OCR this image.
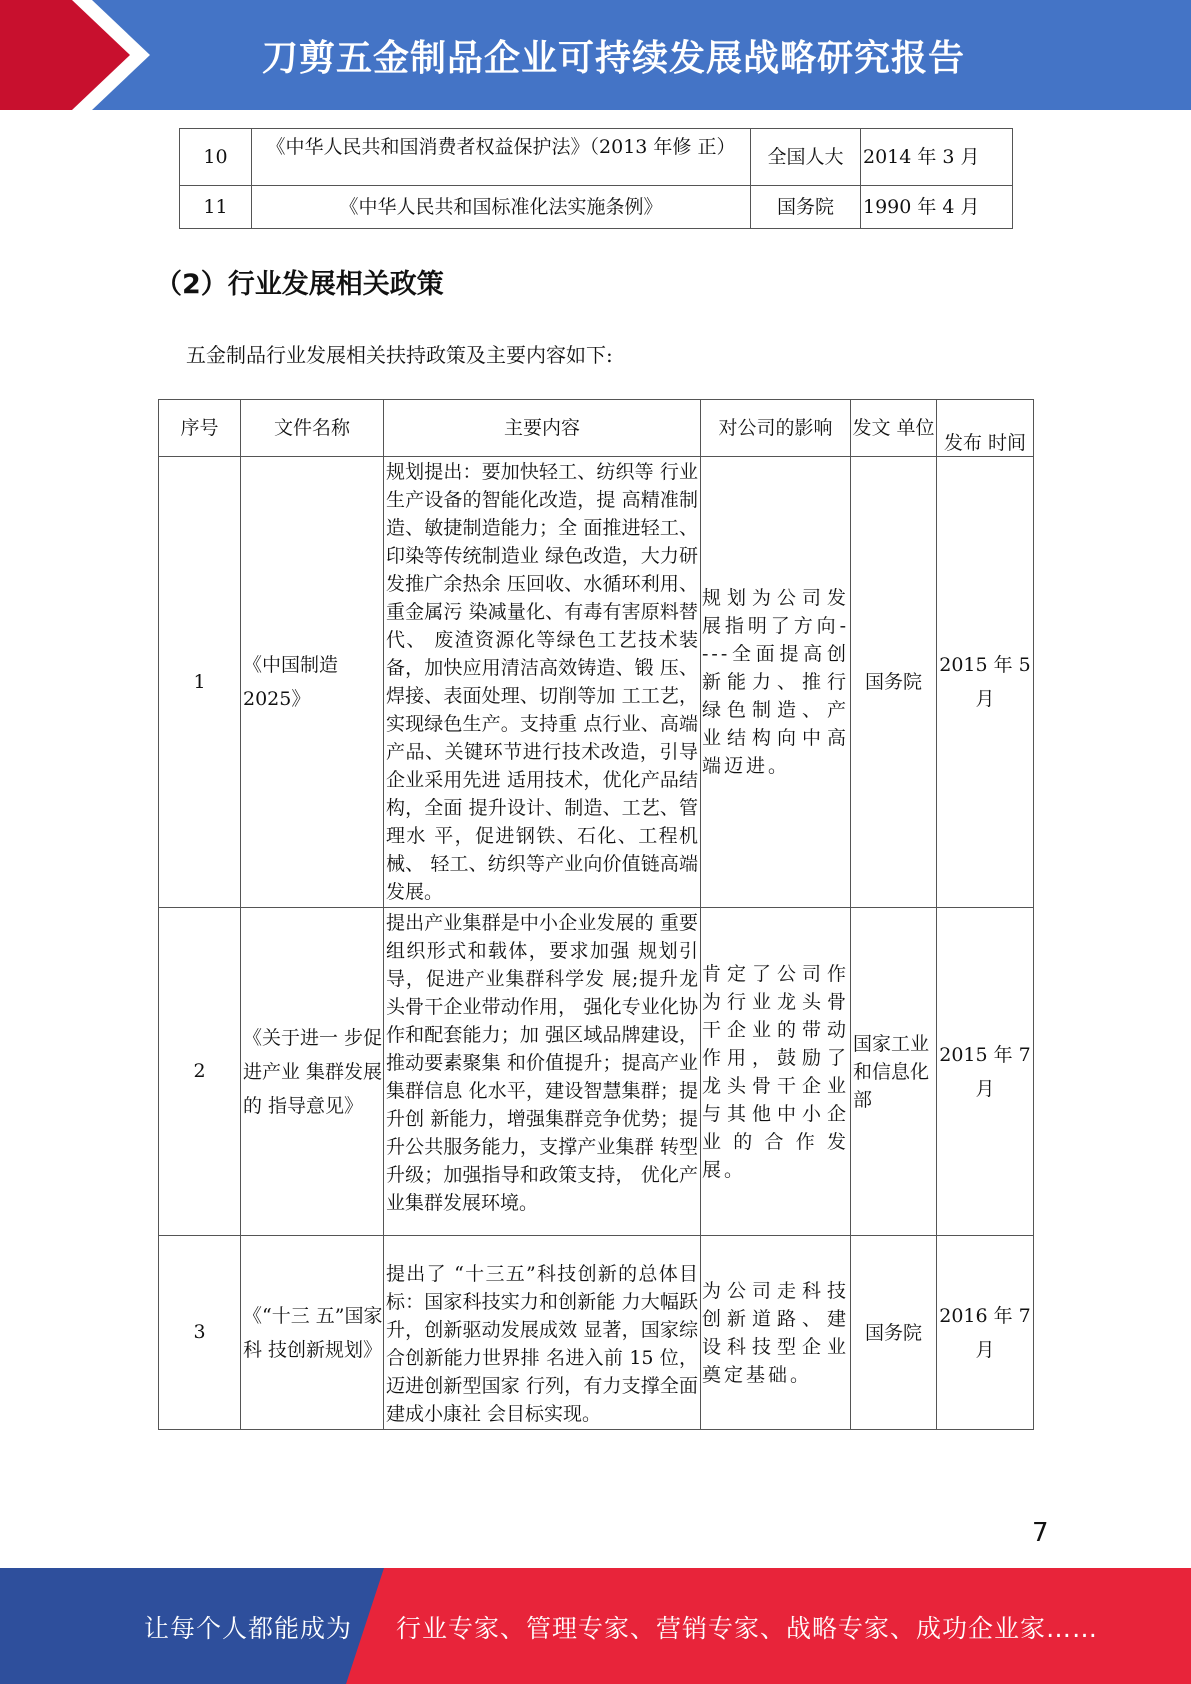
刀剪五金制品企业可持续发展战略研究报告
10	《中华人民共和国消费者权益保护法》（2013 年修 正）	全国人大	2014 年 3 月
11	《中华人民共和国标准化法实施条例》	国务院	1990 年 4 月
（2）行业发展相关政策
五金制品行业发展相关扶持政策及主要内容如下:
序号	文件名称	主要内容	对公司的影响	发文 单位	发布 时间
1	《中国制造 2025》	规划提出：要加快轻工、纺织等 行业生产设备的智能化改造，提 高精准制造、敏捷制造能力；全 面推进轻工、印染等传统制造业 绿色改造，大力研发推广余热余 压回收、水循环利用、重金属污 染减量化、有毒有害原料替代、 废渣资源化等绿色工艺技术装备，加快应用清洁高效铸造、锻 压、焊接、表面处理、切削等加 工工艺，实现绿色生产。支持重 点行业、高端产品、关键环节进行技术改造，引导企业采用先进 适用技术，优化产品结构，全面 提升设计、制造、工艺、管理水 平，促进钢铁、石化、工程机械、 轻工、纺织等产业向价值链高端 发展。	规划为公司发展指明了方向----全面提高创新能力、推行绿色制造、产业结构向中高端迈进。	国务院	2015 年 5 月
2	《关于进一 步促进产业 集群发展的 指导意见》	提出产业集群是中小企业发展的 重要组织形式和载体，要求加强 规划引导，促进产业集群科学发 展;提升龙头骨干企业带动作用， 强化专业化协作和配套能力；加 强区域品牌建设，推动要素聚集 和价值提升；提高产业集群信息 化水平，建设智慧集群；提升创 新能力，增强集群竞争优势；提 升公共服务能力，支撑产业集群 转型升级；加强指导和政策支持， 优化产业集群发展环境。	肯定了公司作为行业龙头骨干企业的带动作用，鼓励了龙头骨干企业与其他中小企业的合作发 展。	国家工业和信息化部	2015 年 7 月
3	《“十三 五”国家科 技创新规划》	提出了 “十三五”科技创新的总体目标：国家科技实力和创新能 力大幅跃升，创新驱动发展成效 显著，国家综合创新能力世界排 名进入前 15 位，迈进创新型国家 行列，有力支撑全面建成小康社 会目标实现。	为公司走科技创新道路、建设科技型企业奠定基础。	国务院	2016 年 7 月
7
让每个人都能成为 行业专家、管理专家、营销专家、战略专家、成功企业家……
